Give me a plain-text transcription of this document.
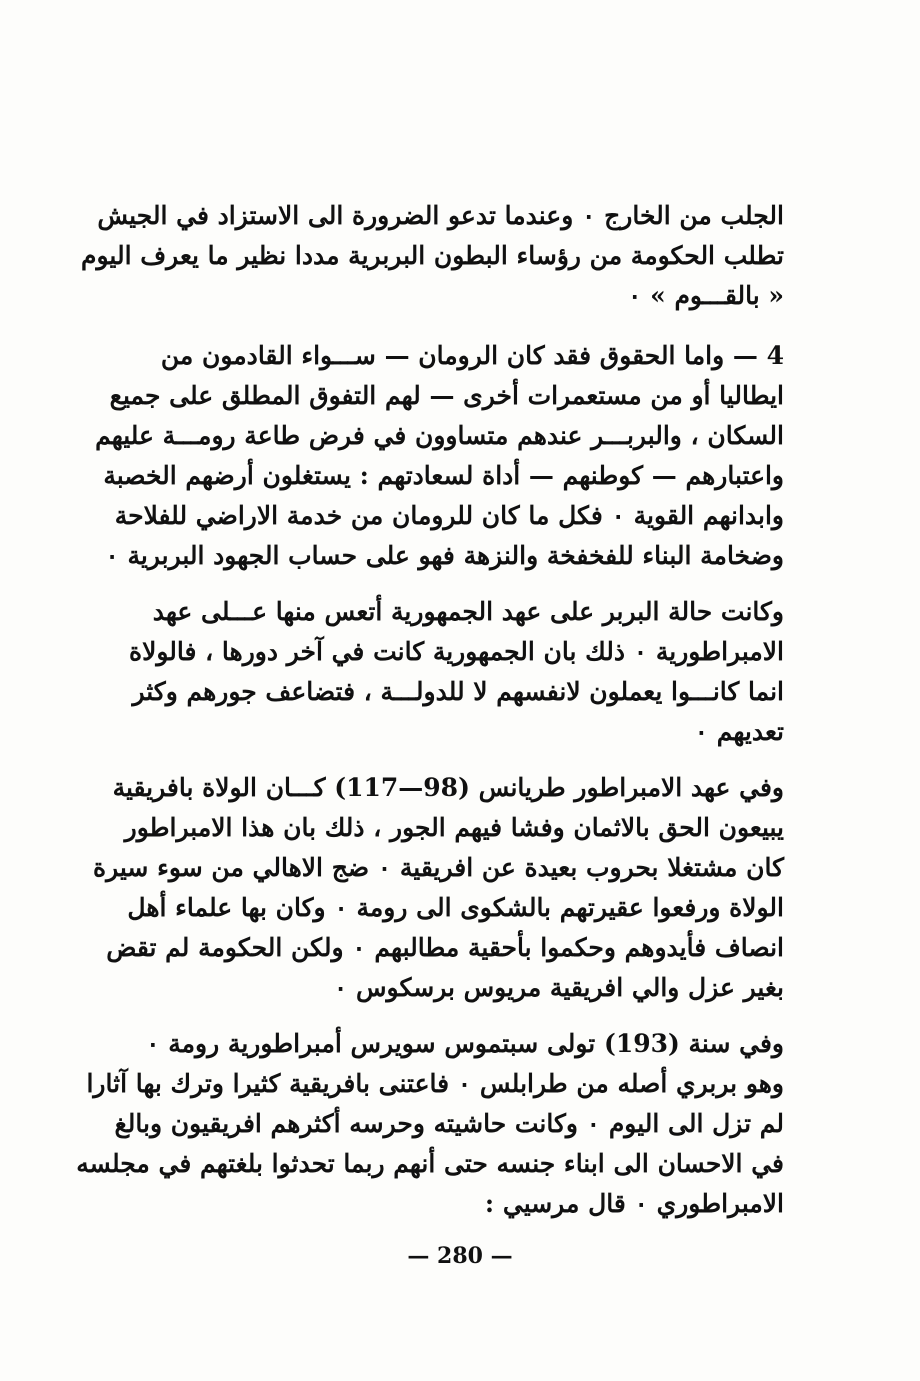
الجلب من الخارج ٠ وعندما تدعو الضرورة الى الاستزاد في الجيش
تطلب الحكومة من رؤساء البطون البربرية مددا نظير ما يعرف اليوم
« بالقـــوم » ٠
4 — واما الحقوق فقد كان الرومان — ســـواء القادمون من
ايطاليا أو من مستعمرات أخرى — لهم التفوق المطلق على جميع
السكان ، والبربـــر عندهم متساوون في فرض طاعة رومـــة عليهم
واعتبارهم — كوطنهم — أداة لسعادتهم : يستغلون أرضهم الخصبة
وابدانهم القوية ٠ فكل ما كان للرومان من خدمة الاراضي للفلاحة
وضخامة البناء للفخفخة والنزهة فهو على حساب الجهود البربرية ٠
وكانت حالة البربر على عهد الجمهورية أتعس منها عـــلى عهد
الامبراطورية ٠ ذلك بان الجمهورية كانت في آخر دورها ، فالولاة
انما كانـــوا يعملون لانفسهم لا للدولـــة ، فتضاعف جورهم وكثر
تعديهم ٠
وفي عهد الامبراطور طريانس (98—117) كـــان الولاة بافريقية
يبيعون الحق بالاثمان وفشا فيهم الجور ، ذلك بان هذا الامبراطور
كان مشتغلا بحروب بعيدة عن افريقية ٠ ضج الاهالي من سوء سيرة
الولاة ورفعوا عقيرتهم بالشكوى الى رومة ٠ وكان بها علماء أهل
انصاف فأيدوهم وحكموا بأحقية مطالبهم ٠ ولكن الحكومة لم تقض
بغير عزل والي افريقية مريوس برسكوس ٠
وفي سنة (193) تولى سبتموس سويرس أمبراطورية رومة ٠
وهو بربري أصله من طرابلس ٠ فاعتنى بافريقية كثيرا وترك بها آثارا
لم تزل الى اليوم ٠ وكانت حاشيته وحرسه أكثرهم افريقيون وبالغ
في الاحسان الى ابناء جنسه حتى أنهم ربما تحدثوا بلغتهم في مجلسه
الامبراطوري ٠ قال مرسيي :
— 280 —
